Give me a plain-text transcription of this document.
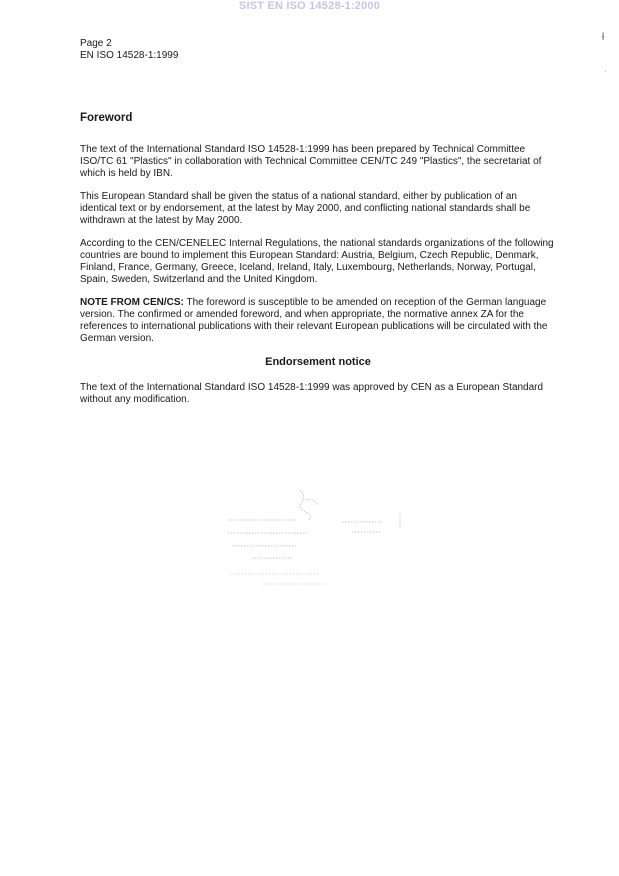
SIST EN ISO 14528-1:2000
Page 2
EN ISO 14528-1:1999
ƚ
·
Foreword

The text of the International Standard ISO 14528-1:1999 has been prepared by Technical Committee ISO/TC 61 "Plastics" in collaboration with Technical Committee CEN/TC 249 "Plastics", the secretariat of which is held by IBN.

This European Standard shall be given the status of a national standard, either by publication of an identical text or by endorsement, at the latest by May 2000, and conflicting national standards shall be withdrawn at the latest by May 2000.

According to the CEN/CENELEC Internal Regulations, the national standards organizations of the following countries are bound to implement this European Standard: Austria, Belgium, Czech Republic, Denmark, Finland, France, Germany, Greece, Iceland, Ireland, Italy, Luxembourg, Netherlands, Norway, Portugal, Spain, Sweden, Switzerland and the United Kingdom.

NOTE FROM CEN/CS: The foreword is susceptible to be amended on reception of the German language version. The confirmed or amended foreword, and when appropriate, the normative annex ZA for the references to international publications with their relevant European publications will be circulated with the German version.

Endorsement notice

The text of the International Standard ISO 14528-1:1999 was approved by CEN as a European Standard without any modification.
